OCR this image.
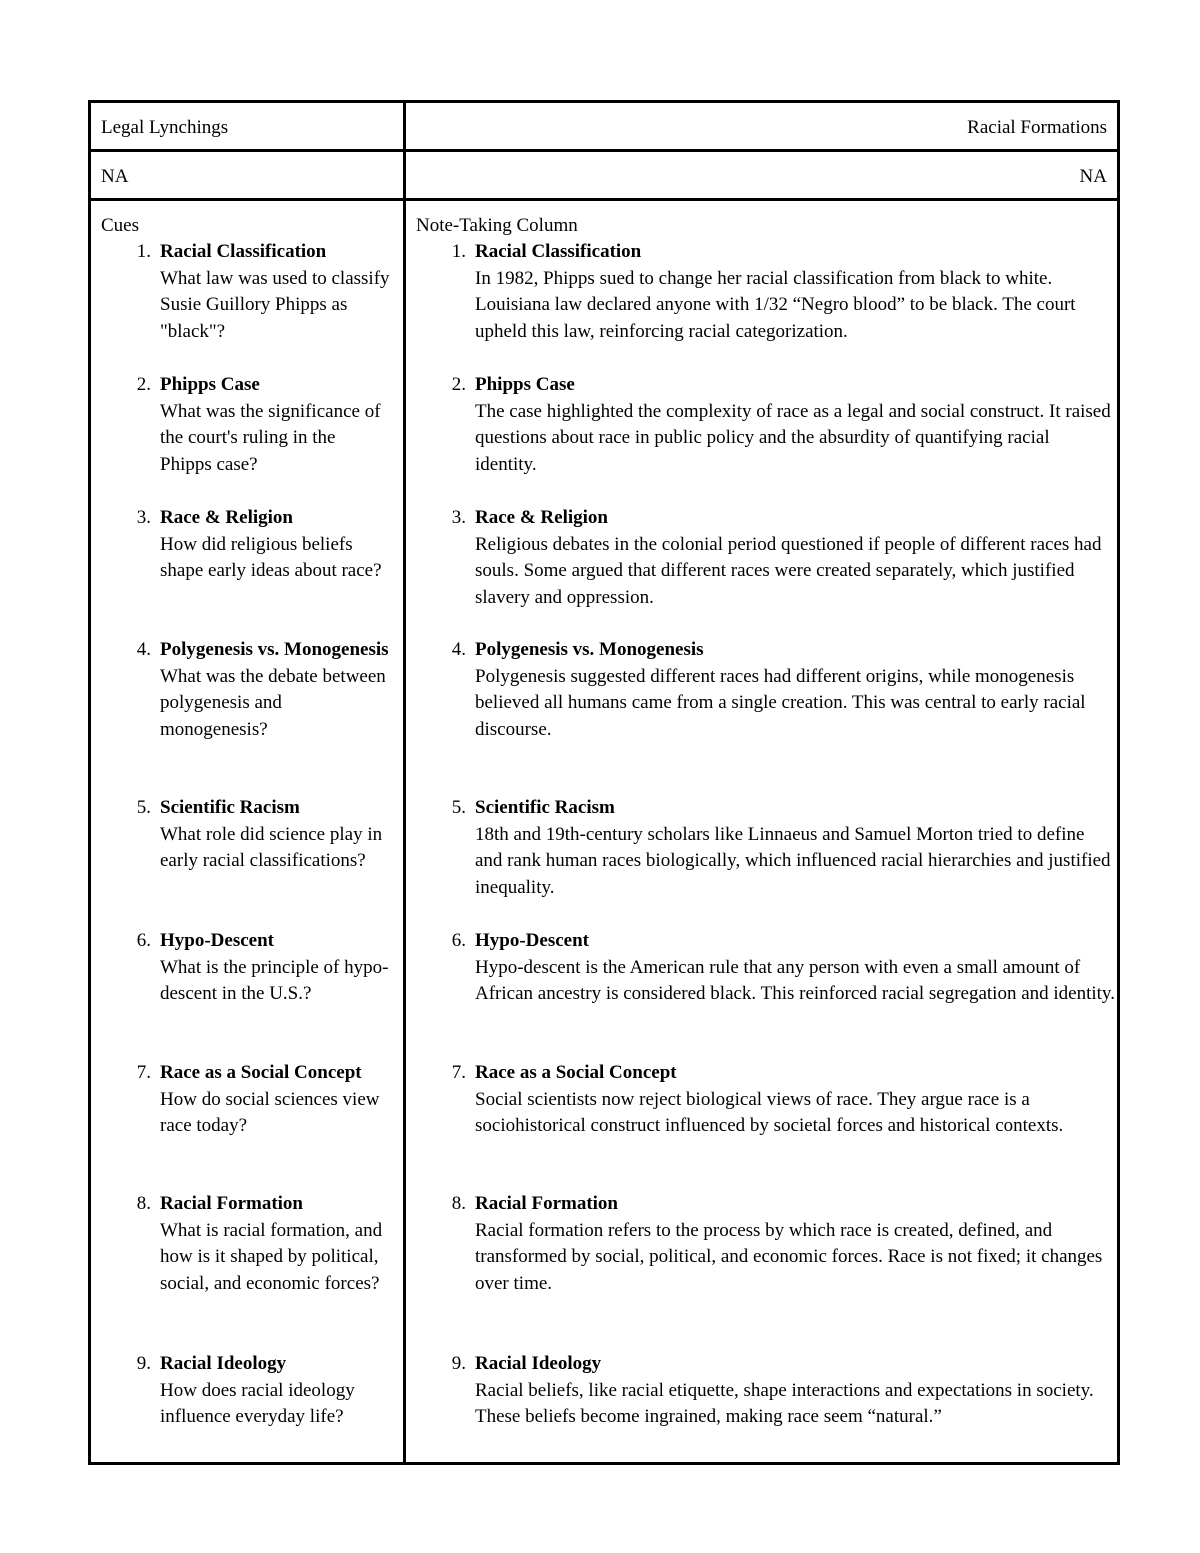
Legal Lynchings	Racial Formations
NA	NA
Cues
1. Racial Classification
What law was used to classify Susie Guillory Phipps as "black"?
2. Phipps Case
What was the significance of the court's ruling in the Phipps case?
3. Race & Religion
How did religious beliefs shape early ideas about race?
4. Polygenesis vs. Monogenesis
What was the debate between polygenesis and monogenesis?
5. Scientific Racism
What role did science play in early racial classifications?
6. Hypo-Descent
What is the principle of hypo-descent in the U.S.?
7. Race as a Social Concept
How do social sciences view race today?
8. Racial Formation
What is racial formation, and how is it shaped by political, social, and economic forces?
9. Racial Ideology
How does racial ideology influence everyday life?
Note-Taking Column
1. Racial Classification
In 1982, Phipps sued to change her racial classification from black to white. Louisiana law declared anyone with 1/32 “Negro blood” to be black. The court upheld this law, reinforcing racial categorization.
2. Phipps Case
The case highlighted the complexity of race as a legal and social construct. It raised questions about race in public policy and the absurdity of quantifying racial identity.
3. Race & Religion
Religious debates in the colonial period questioned if people of different races had souls. Some argued that different races were created separately, which justified slavery and oppression.
4. Polygenesis vs. Monogenesis
Polygenesis suggested different races had different origins, while monogenesis believed all humans came from a single creation. This was central to early racial discourse.
5. Scientific Racism
18th and 19th-century scholars like Linnaeus and Samuel Morton tried to define and rank human races biologically, which influenced racial hierarchies and justified inequality.
6. Hypo-Descent
Hypo-descent is the American rule that any person with even a small amount of African ancestry is considered black. This reinforced racial segregation and identity.
7. Race as a Social Concept
Social scientists now reject biological views of race. They argue race is a sociohistorical construct influenced by societal forces and historical contexts.
8. Racial Formation
Racial formation refers to the process by which race is created, defined, and transformed by social, political, and economic forces. Race is not fixed; it changes over time.
9. Racial Ideology
Racial beliefs, like racial etiquette, shape interactions and expectations in society. These beliefs become ingrained, making race seem “natural.”
